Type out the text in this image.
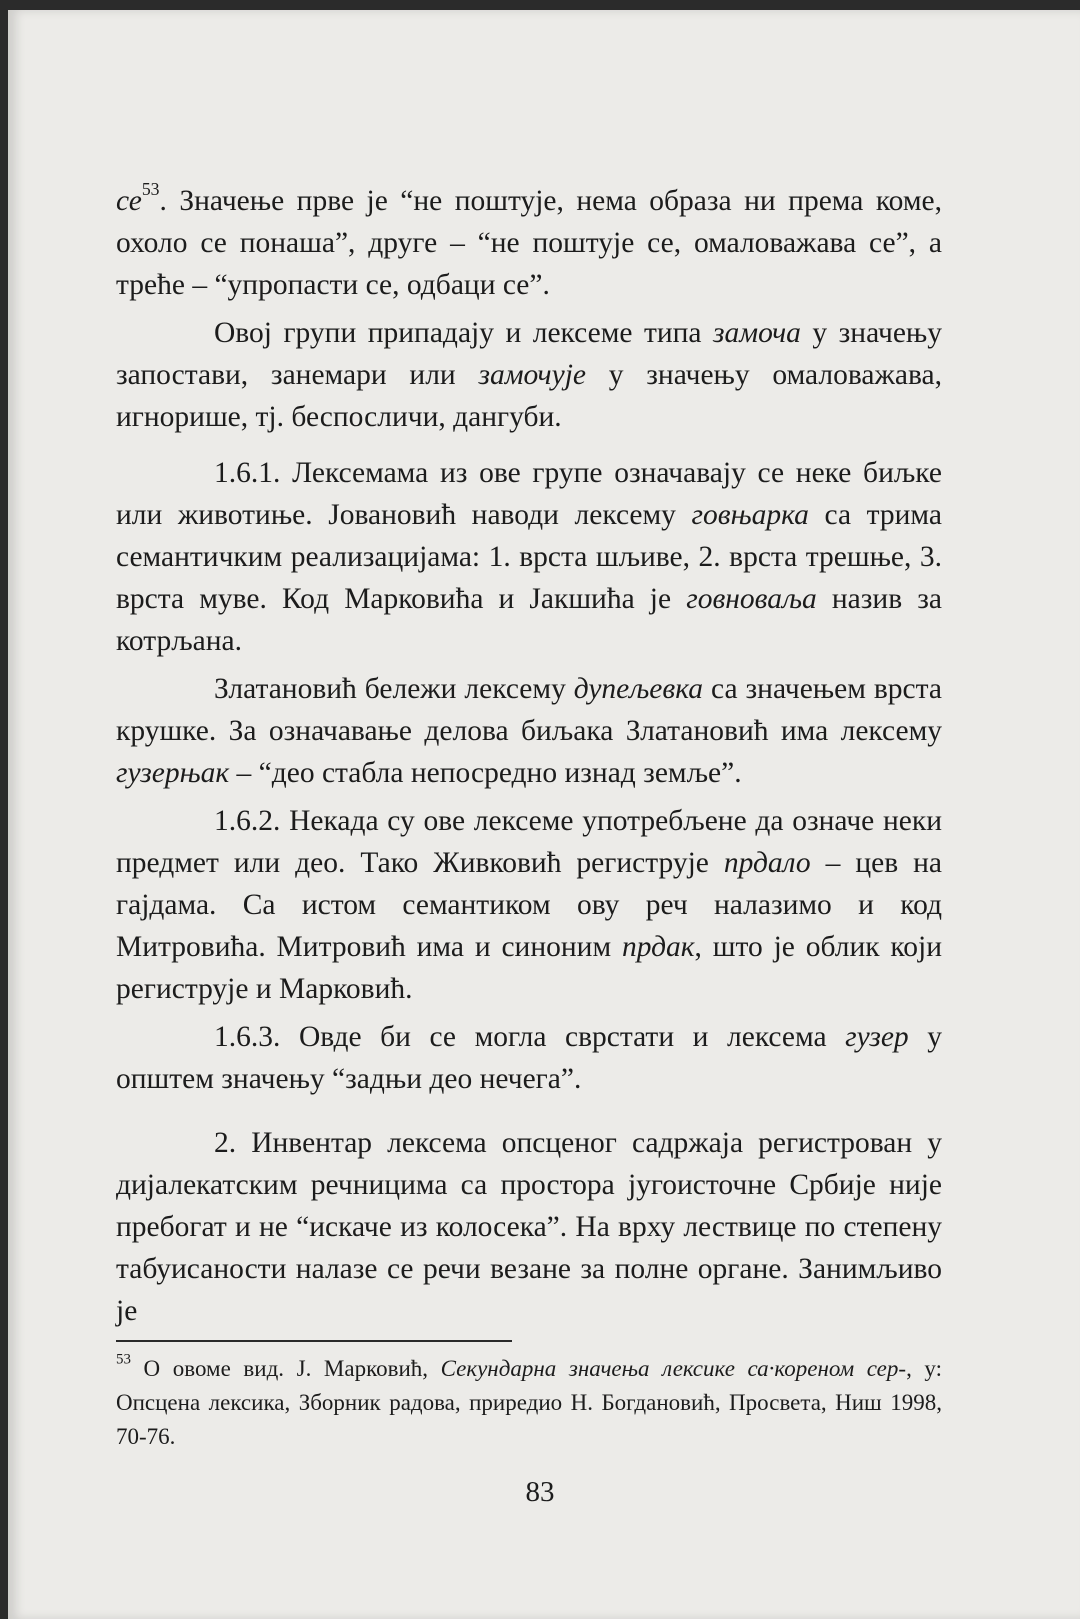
$се^{53}$. Значење прве је “не поштује, нема образа ни према коме, охоло се понаша”, друге – “не поштује се, омаловажава се”, а треће – “упропасти се, одбаци се”.

Овој групи припадају и лексеме типа замоча у значењу запостави, занемари или замочује у значењу омаловажава, игнорише, тј. беспосличи, дангуби.

1.6.1. Лексемама из ове групе означавају се неке биљке или животиње. Јовановић наводи лексему говњарка са трима семантичким реализацијама: 1. врста шљиве, 2. врста трешње, 3. врста муве. Код Марковића и Јакшића је говноваља назив за котрљана.

Златановић бележи лексему дупељевка са значењем врста крушке. За означавање делова биљака Златановић има лексему гузерњак – “део стабла непосредно изнад земље”.

1.6.2. Некада су ове лексеме употребљене да означе неки предмет или део. Тако Живковић региструје прдало – цев на гајдама. Са истом семантиком ову реч налазимо и код Митровића. Митровић има и синоним прдак, што је облик који региструје и Марковић.

1.6.3. Овде би се могла сврстати и лексема гузер у општем значењу “задњи део нечега”.

2. Инвентар лексема опсценог садржаја регистрован у дијалекатским речницима са простора југоисточне Србије није пребогат и не “искаче из колосека”. На врху лествице по степену табуисаности налазе се речи везане за полне органе. Занимљиво је

$^{53}$ О овоме вид. Ј. Марковић, Секундарна значења лексике са·кореном сер-, у: Опсцена лексика, Зборник радова, приредио Н. Богдановић, Просвета, Ниш 1998, 70-76.
83
